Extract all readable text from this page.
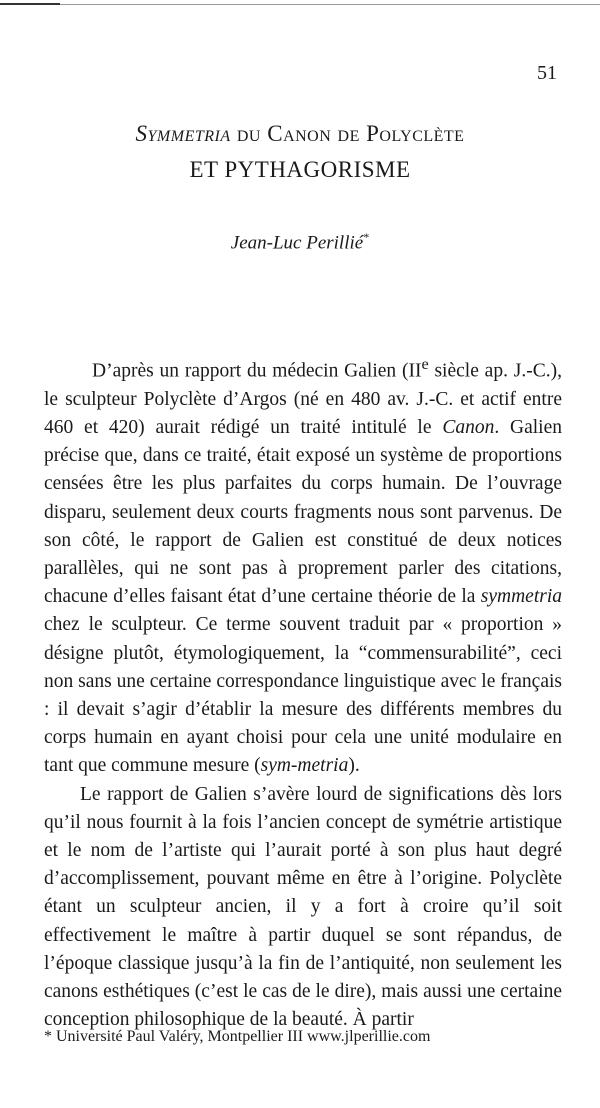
51
Symmetria du Canon de Polyclète
ET PYTHAGORISME
Jean-Luc Perillié*

D’après un rapport du médecin Galien (IIe siècle ap. J.-C.), le sculpteur Polyclète d’Argos (né en 480 av. J.-C. et actif entre 460 et 420) aurait rédigé un traité intitulé le Canon. Galien précise que, dans ce traité, était exposé un système de proportions censées être les plus parfaites du corps humain. De l’ouvrage disparu, seulement deux courts fragments nous sont parvenus. De son côté, le rapport de Galien est constitué de deux notices parallèles, qui ne sont pas à proprement parler des citations, chacune d’elles faisant état d’une certaine théorie de la symmetria chez le sculpteur. Ce terme souvent traduit par « proportion » désigne plutôt, étymologiquement, la “commensurabilité”, ceci non sans une certaine correspondance linguistique avec le français : il devait s’agir d’établir la mesure des différents membres du corps humain en ayant choisi pour cela une unité modulaire en tant que commune mesure (sym-metria).

Le rapport de Galien s’avère lourd de significations dès lors qu’il nous fournit à la fois l’ancien concept de symétrie artistique et le nom de l’artiste qui l’aurait porté à son plus haut degré d’accomplissement, pouvant même en être à l’origine. Polyclète étant un sculpteur ancien, il y a fort à croire qu’il soit effectivement le maître à partir duquel se sont répandus, de l’époque classique jusqu’à la fin de l’antiquité, non seulement les canons esthétiques (c’est le cas de le dire), mais aussi une certaine conception philosophique de la beauté. À partir

* Université Paul Valéry, Montpellier III www.jlperillie.com
